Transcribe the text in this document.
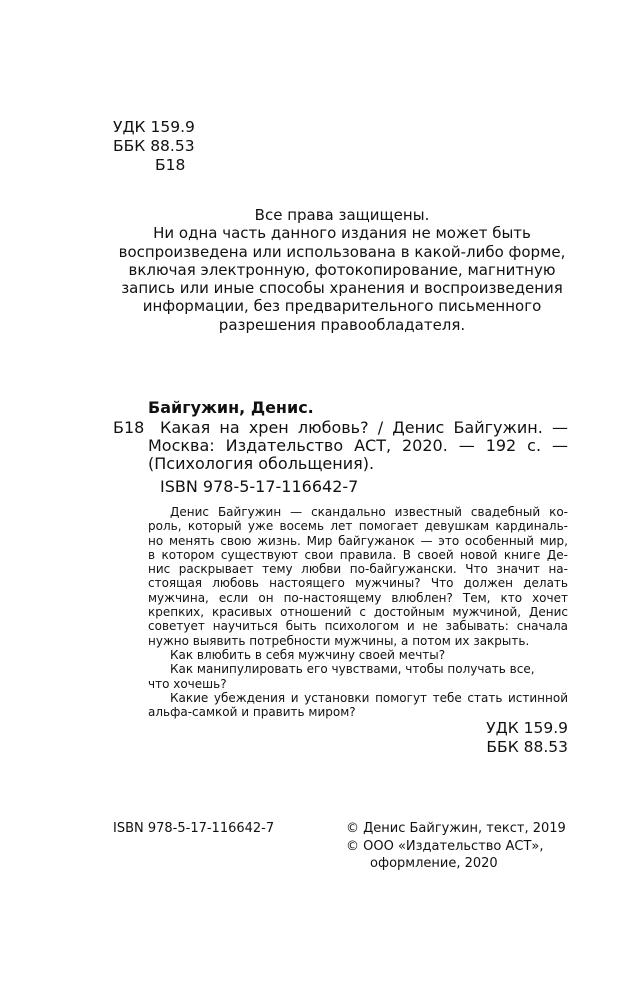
УДК 159.9
ББК 88.53
Б18
Все права защищены.
Ни одна часть данного издания не может быть
воспроизведена или использована в какой-либо форме,
включая электронную, фотокопирование, магнитную
запись или иные способы хранения и воспроизведения
информации, без предварительного письменного
разрешения правообладателя.
Байгужин, Денис.
Б18 Какая на хрен любовь? / Денис Байгужин. —
Москва: Издательство АСТ, 2020. — 192 с. —
(Психология обольщения).
ISBN 978-5-17-116642-7
Денис Байгужин — скандально известный свадебный ко-
роль, который уже восемь лет помогает девушкам кардиналь-
но менять свою жизнь. Мир байгужанок — это особенный мир,
в котором существуют свои правила. В своей новой книге Де-
нис раскрывает тему любви по-байгужански. Что значит на-
стоящая любовь настоящего мужчины? Что должен делать
мужчина, если он по-настоящему влюблен? Тем, кто хочет
крепких, красивых отношений с достойным мужчиной, Денис
советует научиться быть психологом и не забывать: сначала
нужно выявить потребности мужчины, а потом их закрыть.
Как влюбить в себя мужчину своей мечты?
Как манипулировать его чувствами, чтобы получать все,
что хочешь?
Какие убеждения и установки помогут тебе стать истинной
альфа-самкой и править миром?
УДК 159.9
ББК 88.53
ISBN 978-5-17-116642-7	© Денис Байгужин, текст, 2019
© ООО «Издательство АСТ»,
оформление, 2020
